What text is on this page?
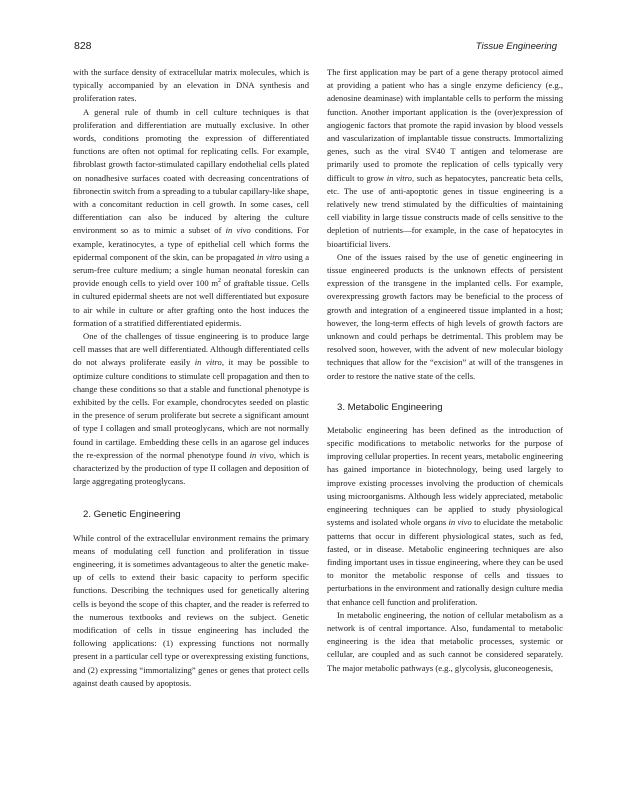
828	Tissue Engineering

with the surface density of extracellular matrix molecules, which is typically accompanied by an elevation in DNA synthesis and proliferation rates.

A general rule of thumb in cell culture techniques is that proliferation and differentiation are mutually exclusive. In other words, conditions promoting the expression of differentiated functions are often not optimal for replicating cells. For example, fibroblast growth factor-stimulated capillary endothelial cells plated on nonadhesive surfaces coated with decreasing concentrations of fibronectin switch from a spreading to a tubular capillary-like shape, with a concomitant reduction in cell growth. In some cases, cell differentiation can also be induced by altering the culture environment so as to mimic a subset of in vivo conditions. For example, keratinocytes, a type of epithelial cell which forms the epidermal component of the skin, can be propagated in vitro using a serum-free culture medium; a single human neonatal foreskin can provide enough cells to yield over 100 $m^2$ of graftable tissue. Cells in cultured epidermal sheets are not well differentiated but exposure to air while in culture or after grafting onto the host induces the formation of a stratified differentiated epidermis.

One of the challenges of tissue engineering is to produce large cell masses that are well differentiated. Although differentiated cells do not always proliferate easily in vitro, it may be possible to optimize culture conditions to stimulate cell propagation and then to change these conditions so that a stable and functional phenotype is exhibited by the cells. For example, chondrocytes seeded on plastic in the presence of serum proliferate but secrete a significant amount of type I collagen and small proteoglycans, which are not normally found in cartilage. Embedding these cells in an agarose gel induces the re-expression of the normal phenotype found in vivo, which is characterized by the production of type II collagen and deposition of large aggregating proteoglycans.

2. Genetic Engineering

While control of the extracellular environment remains the primary means of modulating cell function and proliferation in tissue engineering, it is sometimes advantageous to alter the genetic make-up of cells to extend their basic capacity to perform specific functions. Describing the techniques used for genetically altering cells is beyond the scope of this chapter, and the reader is referred to the numerous textbooks and reviews on the subject. Genetic modification of cells in tissue engineering has included the following applications: (1) expressing functions not normally present in a particular cell type or overexpressing existing functions, and (2) expressing “immortalizing” genes or genes that protect cells against death caused by apoptosis.

The first application may be part of a gene therapy protocol aimed at providing a patient who has a single enzyme deficiency (e.g., adenosine deaminase) with implantable cells to perform the missing function. Another important application is the (over)expression of angiogenic factors that promote the rapid invasion by blood vessels and vascularization of implantable tissue constructs. Immortalizing genes, such as the viral SV40 T antigen and telomerase are primarily used to promote the replication of cells typically very difficult to grow in vitro, such as hepatocytes, pancreatic beta cells, etc. The use of anti-apoptotic genes in tissue engineering is a relatively new trend stimulated by the difficulties of maintaining cell viability in large tissue constructs made of cells sensitive to the depletion of nutrients—for example, in the case of hepatocytes in bioartificial livers.

One of the issues raised by the use of genetic engineering in tissue engineered products is the unknown effects of persistent expression of the transgene in the implanted cells. For example, overexpressing growth factors may be beneficial to the process of growth and integration of a engineered tissue implanted in a host; however, the long-term effects of high levels of growth factors are unknown and could perhaps be detrimental. This problem may be resolved soon, however, with the advent of new molecular biology techniques that allow for the “excision” at will of the transgenes in order to restore the native state of the cells.

3. Metabolic Engineering

Metabolic engineering has been defined as the introduction of specific modifications to metabolic networks for the purpose of improving cellular properties. In recent years, metabolic engineering has gained importance in biotechnology, being used largely to improve existing processes involving the production of chemicals using microorganisms. Although less widely appreciated, metabolic engineering techniques can be applied to study physiological systems and isolated whole organs in vivo to elucidate the metabolic patterns that occur in different physiological states, such as fed, fasted, or in disease. Metabolic engineering techniques are also finding important uses in tissue engineering, where they can be used to monitor the metabolic response of cells and tissues to perturbations in the environment and rationally design culture media that enhance cell function and proliferation.

In metabolic engineering, the notion of cellular metabolism as a network is of central importance. Also, fundamental to metabolic engineering is the idea that metabolic processes, systemic or cellular, are coupled and as such cannot be considered separately. The major metabolic pathways (e.g., glycolysis, gluconeogenesis,
